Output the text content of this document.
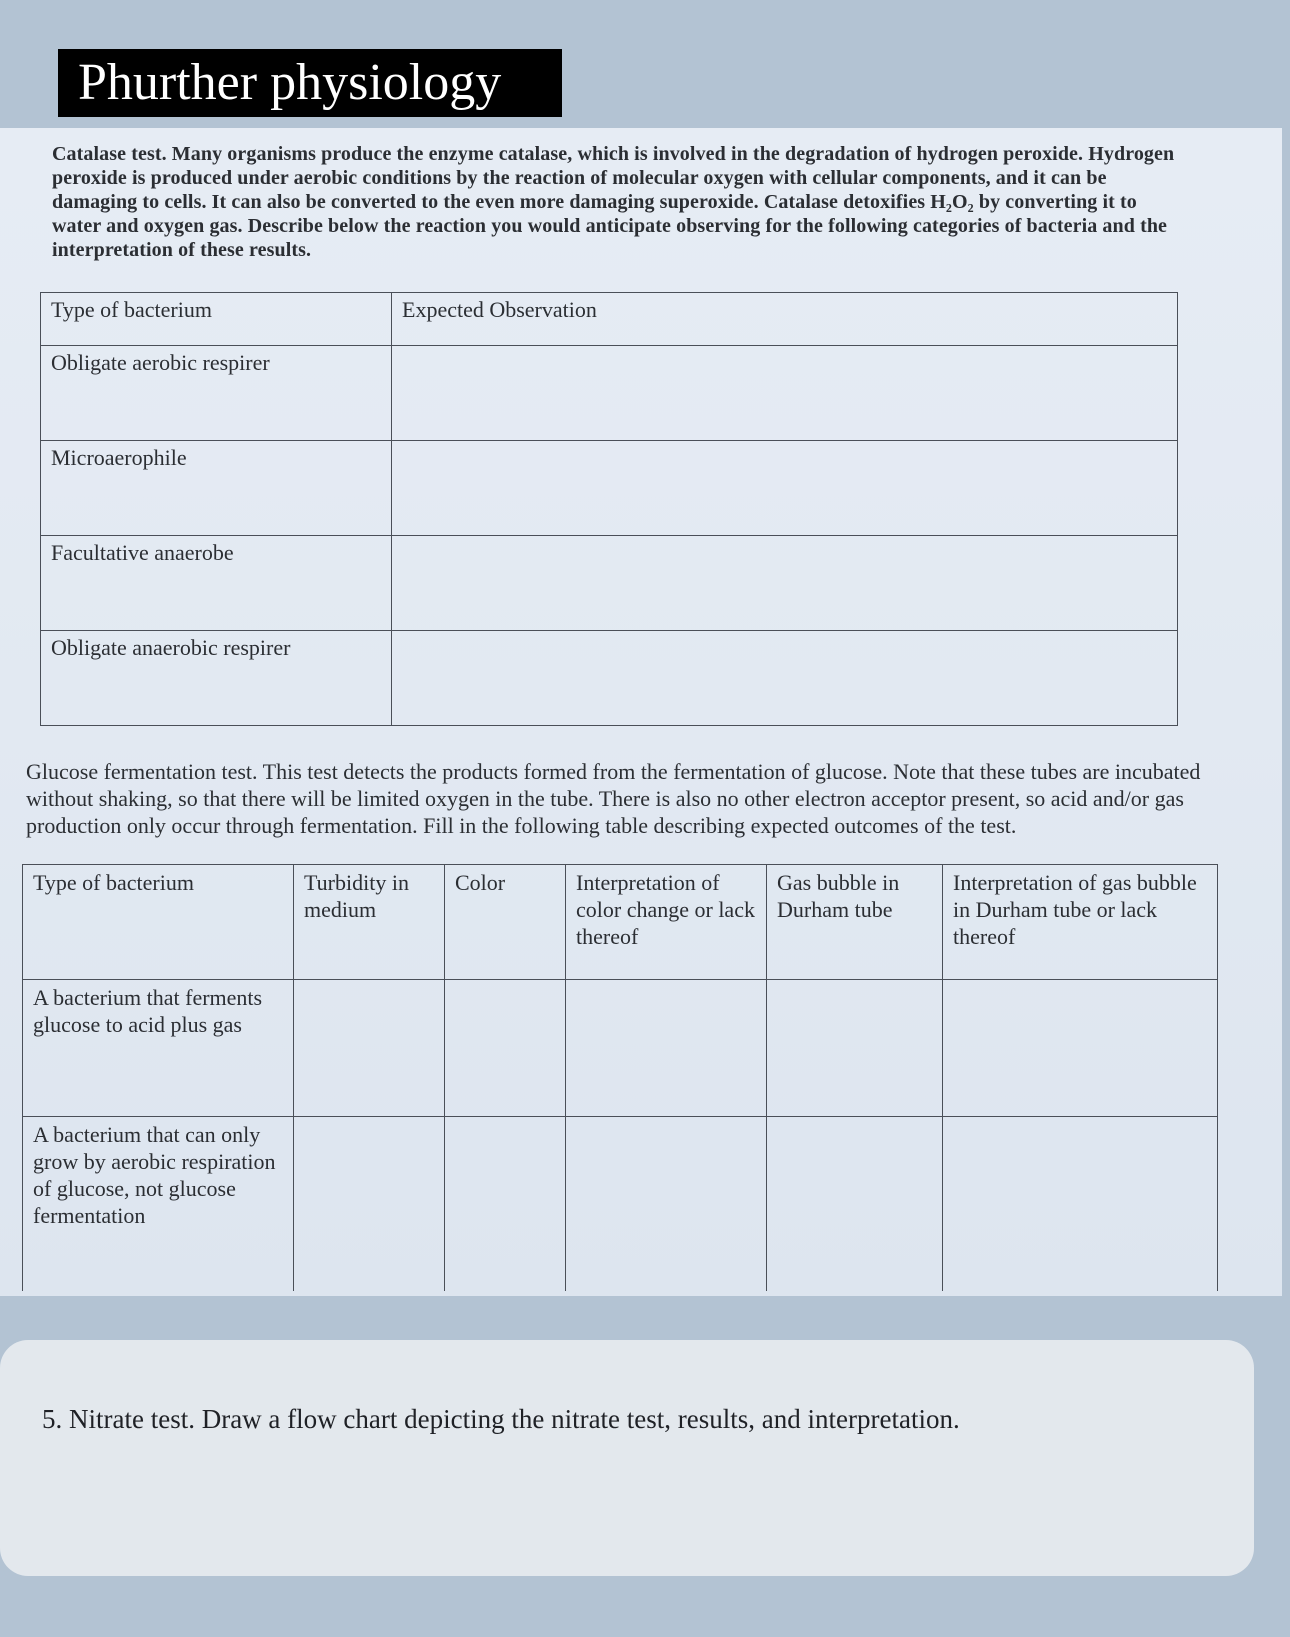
Phurther physiology

Catalase test. Many organisms produce the enzyme catalase, which is involved in the degradation of hydrogen peroxide. Hydrogen peroxide is produced under aerobic conditions by the reaction of molecular oxygen with cellular components, and it can be damaging to cells. It can also be converted to the even more damaging superoxide. Catalase detoxifies H₂O₂ by converting it to water and oxygen gas. Describe below the reaction you would anticipate observing for the following categories of bacteria and the interpretation of these results.

Type of bacterium	Expected Observation
Obligate aerobic respirer	
Microaerophile	
Facultative anaerobe	
Obligate anaerobic respirer	

Glucose fermentation test. This test detects the products formed from the fermentation of glucose. Note that these tubes are incubated without shaking, so that there will be limited oxygen in the tube. There is also no other electron acceptor present, so acid and/or gas production only occur through fermentation. Fill in the following table describing expected outcomes of the test.

Type of bacterium	Turbidity in medium	Color	Interpretation of color change or lack thereof	Gas bubble in Durham tube	Interpretation of gas bubble in Durham tube or lack thereof
A bacterium that ferments glucose to acid plus gas					
A bacterium that can only grow by aerobic respiration of glucose, not glucose fermentation					

5. Nitrate test. Draw a flow chart depicting the nitrate test, results, and interpretation.
